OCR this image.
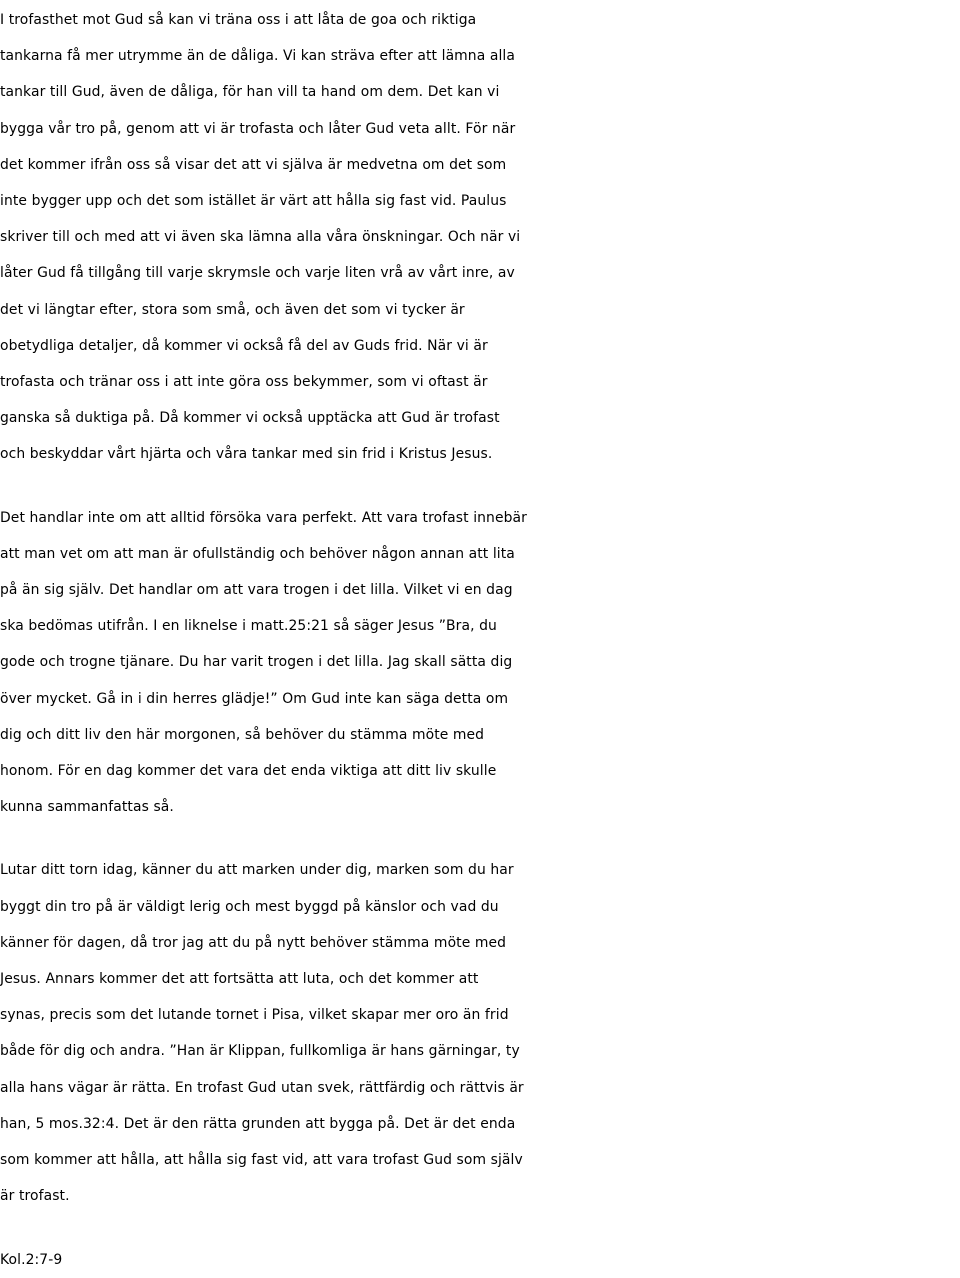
I trofasthet mot Gud så kan vi träna oss i att låta de goa och riktiga
tankarna få mer utrymme än de dåliga. Vi kan sträva efter att lämna alla
tankar till Gud, även de dåliga, för han vill ta hand om dem. Det kan vi
bygga vår tro på, genom att vi är trofasta och låter Gud veta allt. För när
det kommer ifrån oss så visar det att vi själva är medvetna om det som
inte bygger upp och det som istället är värt att hålla sig fast vid. Paulus
skriver till och med att vi även ska lämna alla våra önskningar. Och när vi
låter Gud få tillgång till varje skrymsle och varje liten vrå av vårt inre, av
det vi längtar efter, stora som små, och även det som vi tycker är
obetydliga detaljer, då kommer vi också få del av Guds frid. När vi är
trofasta och tränar oss i att inte göra oss bekymmer, som vi oftast är
ganska så duktiga på. Då kommer vi också upptäcka att Gud är trofast
och beskyddar vårt hjärta och våra tankar med sin frid i Kristus Jesus.

Det handlar inte om att alltid försöka vara perfekt. Att vara trofast innebär
att man vet om att man är ofullständig och behöver någon annan att lita
på än sig själv. Det handlar om att vara trogen i det lilla. Vilket vi en dag
ska bedömas utifrån. I en liknelse i matt.25:21 så säger Jesus ”Bra, du
gode och trogne tjänare. Du har varit trogen i det lilla. Jag skall sätta dig
över mycket. Gå in i din herres glädje!” Om Gud inte kan säga detta om
dig och ditt liv den här morgonen, så behöver du stämma möte med
honom. För en dag kommer det vara det enda viktiga att ditt liv skulle
kunna sammanfattas så.

Lutar ditt torn idag, känner du att marken under dig, marken som du har
byggt din tro på är väldigt lerig och mest byggd på känslor och vad du
känner för dagen, då tror jag att du på nytt behöver stämma möte med
Jesus. Annars kommer det att fortsätta att luta, och det kommer att
synas, precis som det lutande tornet i Pisa, vilket skapar mer oro än frid
både för dig och andra. ”Han är Klippan, fullkomliga är hans gärningar, ty
alla hans vägar är rätta. En trofast Gud utan svek, rättfärdig och rättvis är
han, 5 mos.32:4. Det är den rätta grunden att bygga på. Det är det enda
som kommer att hålla, att hålla sig fast vid, att vara trofast Gud som själv
är trofast.

Kol.2:7-9
